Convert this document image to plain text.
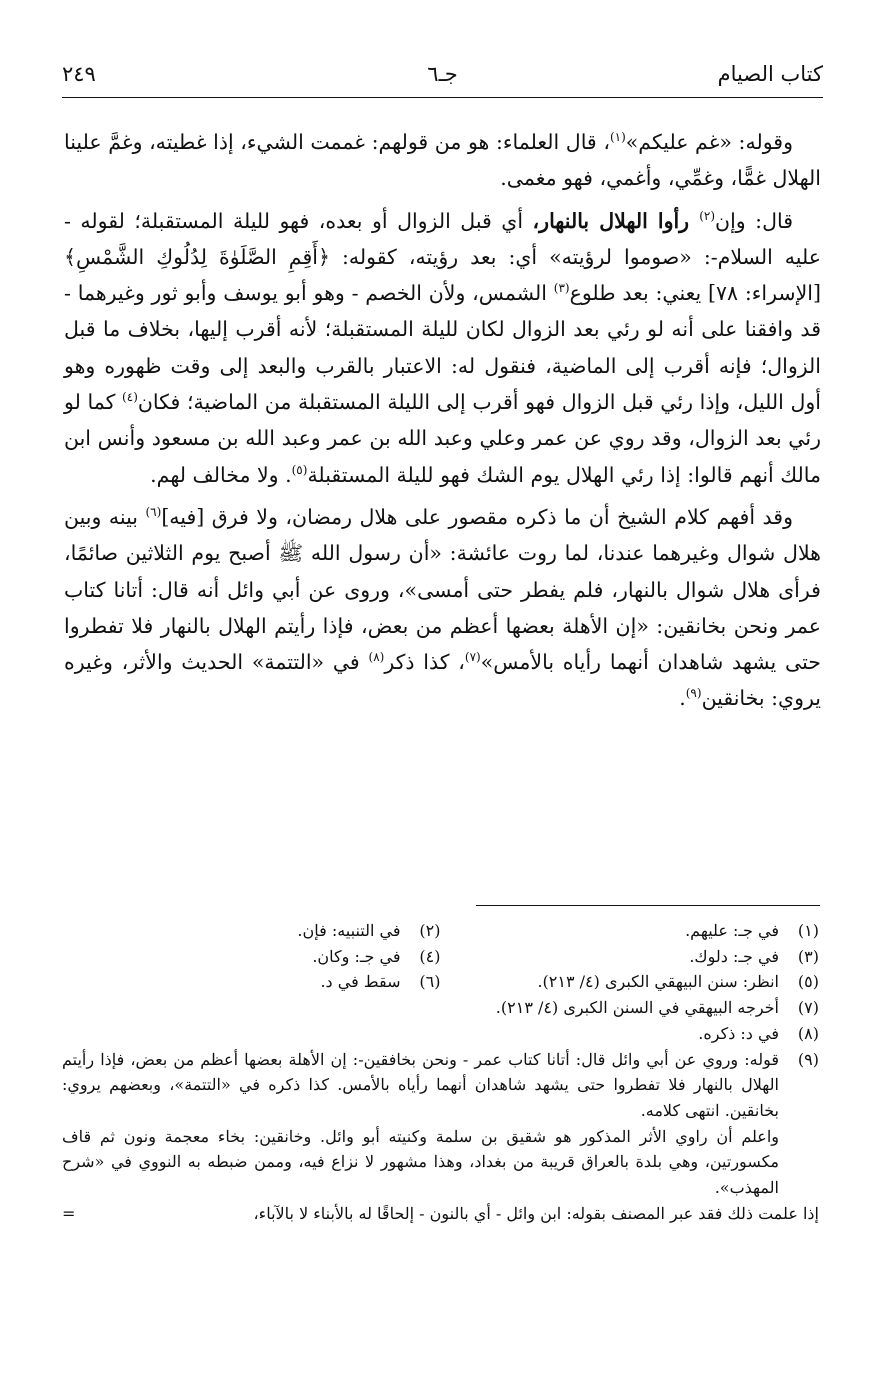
كتاب الصيام
جـ٦
٢٤٩

وقوله: «غم عليكم»$^{(١)}$، قال العلماء: هو من قولهم: غممت الشيء، إذا غطيته، وغمَّ علينا الهلال غمًّا، وغمِّي، وأغمي، فهو مغمى.

قال: وإن$^{(٢)}$ رأوا الهلال بالنهار، أي قبل الزوال أو بعده، فهو لليلة المستقبلة؛ لقوله - عليه السلام-: «صوموا لرؤيته» أي: بعد رؤيته، كقوله: ﴿أَقِمِ الصَّلَوٰةَ لِدُلُوكِ الشَّمْسِ﴾ [الإسراء: ٧٨] يعني: بعد طلوع$^{(٣)}$ الشمس، ولأن الخصم - وهو أبو يوسف وأبو ثور وغيرهما - قد وافقنا على أنه لو رئي بعد الزوال لكان لليلة المستقبلة؛ لأنه أقرب إليها، بخلاف ما قبل الزوال؛ فإنه أقرب إلى الماضية، فنقول له: الاعتبار بالقرب والبعد إلى وقت ظهوره وهو أول الليل، وإذا رئي قبل الزوال فهو أقرب إلى الليلة المستقبلة من الماضية؛ فكان$^{(٤)}$ كما لو رئي بعد الزوال، وقد روي عن عمر وعلي وعبد الله بن عمر وعبد الله بن مسعود وأنس ابن مالك أنهم قالوا: إذا رئي الهلال يوم الشك فهو لليلة المستقبلة$^{(٥)}$. ولا مخالف لهم.

وقد أفهم كلام الشيخ أن ما ذكره مقصور على هلال رمضان، ولا فرق [فيه]$^{(٦)}$ بينه وبين هلال شوال وغيرهما عندنا، لما روت عائشة: «أن رسول الله ﷺ أصبح يوم الثلاثين صائمًا، فرأى هلال شوال بالنهار، فلم يفطر حتى أمسى»، وروى عن أبي وائل أنه قال: أتانا كتاب عمر ونحن بخانقين: «إن الأهلة بعضها أعظم من بعض، فإذا رأيتم الهلال بالنهار فلا تفطروا حتى يشهد شاهدان أنهما رأياه بالأمس»$^{(٧)}$، كذا ذكر$^{(٨)}$ في «التتمة» الحديث والأثر، وغيره يروي: بخانقين$^{(٩)}$.

(١)
في جـ: عليهم.
(٢)
في التنبيه: فإن.
(٣)
في جـ: دلوك.
(٤)
في جـ: وكان.
(٥)
انظر: سنن البيهقي الكبرى (٤/ ٢١٣).
(٦)
سقط في د.
(٧)
أخرجه البيهقي في السنن الكبرى (٤/ ٢١٣).
(٨)
في د: ذكره.
(٩)
قوله: وروي عن أبي وائل قال: أتانا كتاب عمر - ونحن بخافقين-: إن الأهلة بعضها أعظم من بعض، فإذا رأيتم الهلال بالنهار فلا تفطروا حتى يشهد شاهدان أنهما رأياه بالأمس. كذا ذكره في «التتمة»، وبعضهم يروي: بخانقين. انتهى كلامه.
واعلم أن راوي الأثر المذكور هو شقيق بن سلمة وكنيته أبو وائل. وخانقين: بخاء معجمة ونون ثم قاف مكسورتين، وهي بلدة بالعراق قريبة من بغداد، وهذا مشهور لا نزاع فيه، وممن ضبطه به النووي في «شرح المهذب».
إذا علمت ذلك فقد عبر المصنف بقوله: ابن وائل - أي بالنون - إلحاقًا له بالأبناء لا بالآباء،
=
